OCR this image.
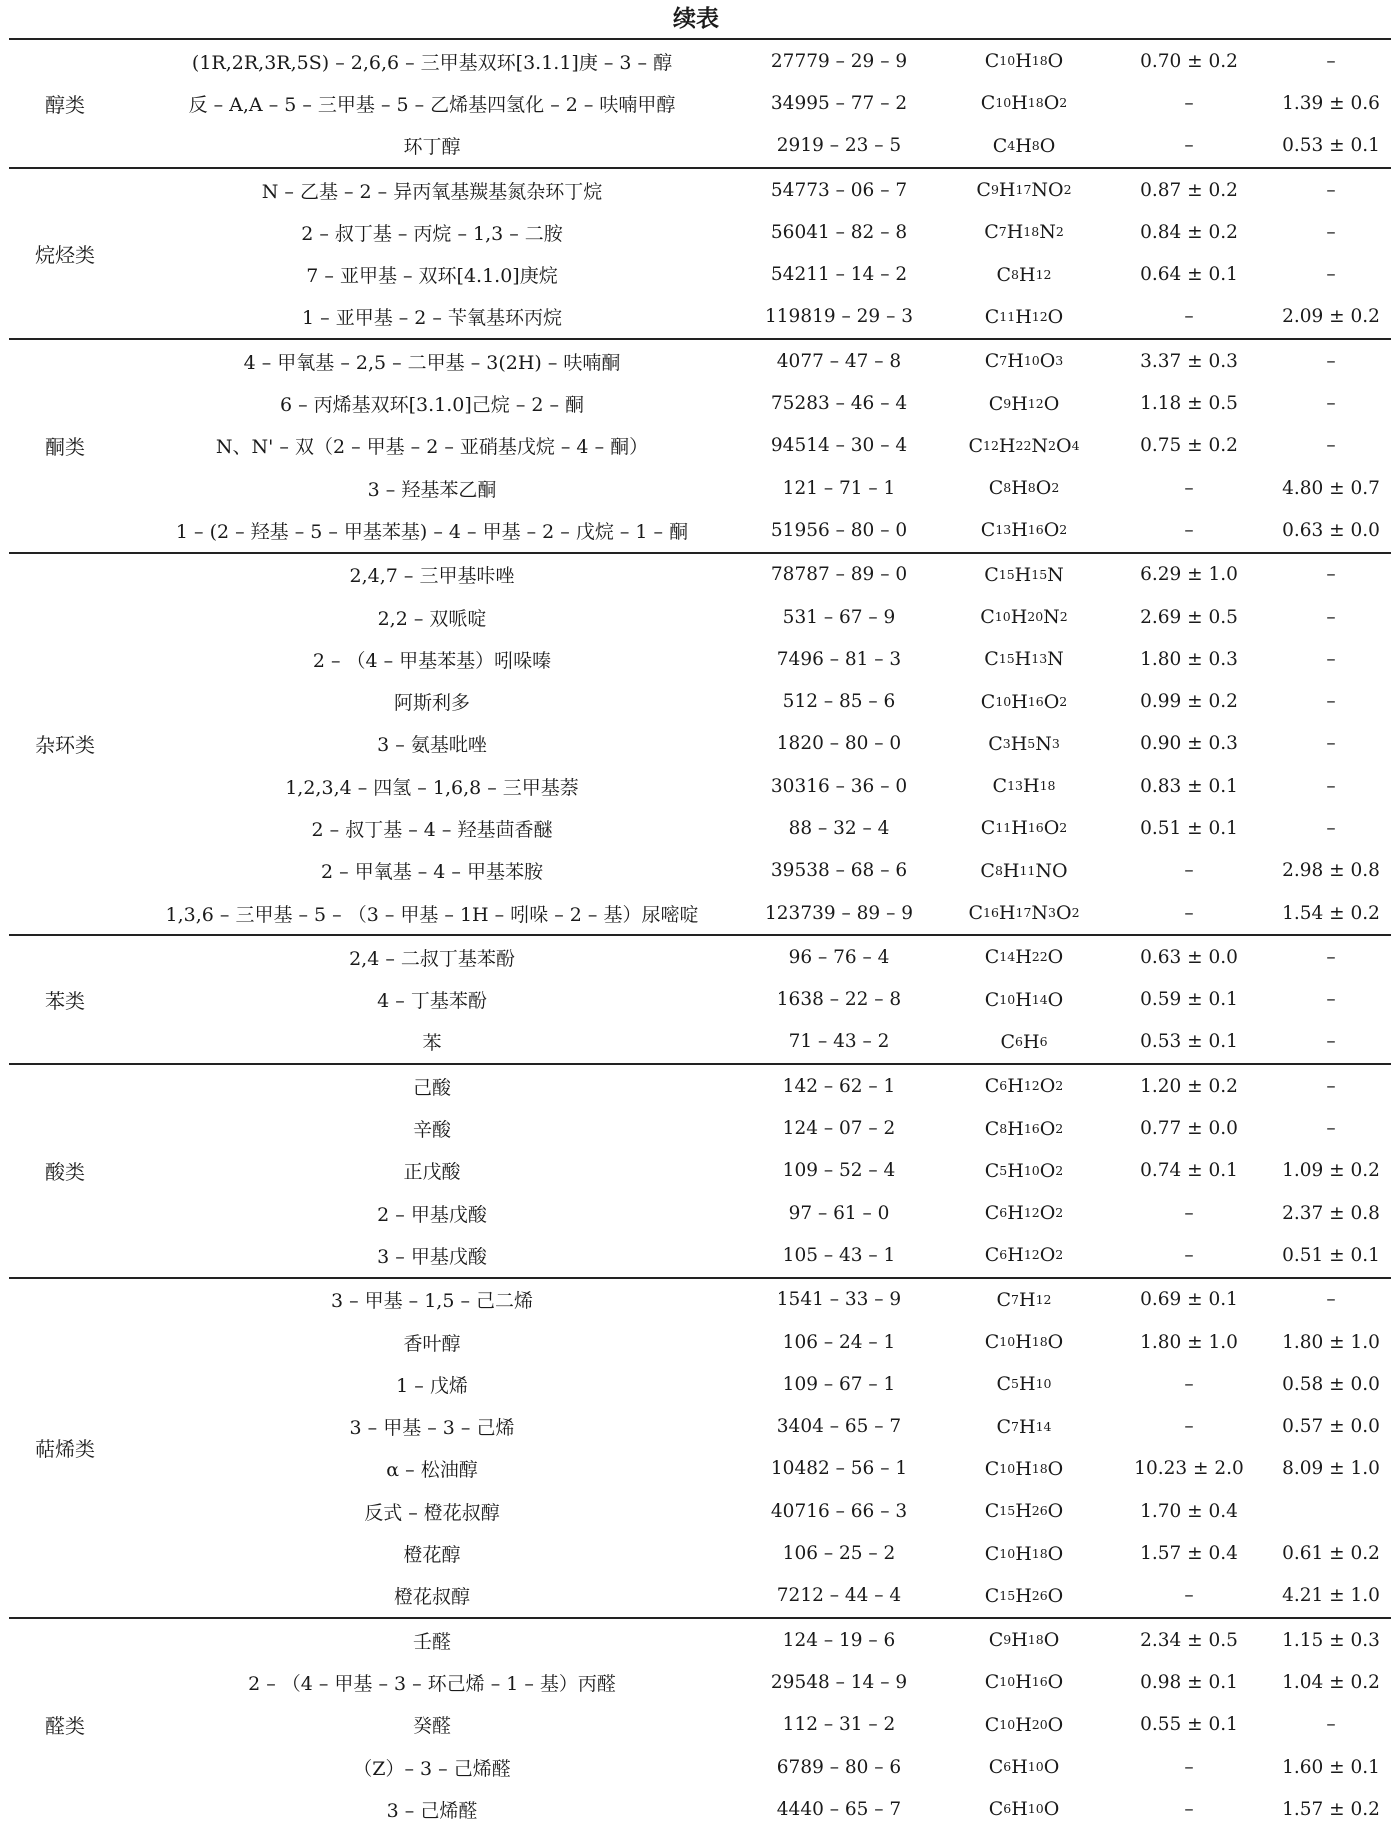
续表
醇类
(1R,2R,3R,5S) – 2,6,6 – 三甲基双环[3.1.1]庚 – 3 – 醇	27779 – 29 – 9	C 10 H 18 O	0.70 ± 0.2	–
反 – A,A – 5 – 三甲基 – 5 – 乙烯基四氢化 – 2 – 呋喃甲醇	34995 – 77 – 2	C 10 H 18 O 2	–	1.39 ± 0.6
环丁醇	2919 – 23 – 5	C 4 H 8 O	–	0.53 ± 0.1
烷烃类
N – 乙基 – 2 – 异丙氧基羰基氮杂环丁烷	54773 – 06 – 7	C 9 H 17 NO 2	0.87 ± 0.2	–
2 – 叔丁基 – 丙烷 – 1,3 – 二胺	56041 – 82 – 8	C 7 H 18 N 2	0.84 ± 0.2	–
7 – 亚甲基 – 双环[4.1.0]庚烷	54211 – 14 – 2	C 8 H 12	0.64 ± 0.1	–
1 – 亚甲基 – 2 – 苄氧基环丙烷	119819 – 29 – 3	C 11 H 12 O	–	2.09 ± 0.2
酮类
4 – 甲氧基 – 2,5 – 二甲基 – 3(2H) – 呋喃酮	4077 – 47 – 8	C 7 H 10 O 3	3.37 ± 0.3	–
6 – 丙烯基双环[3.1.0]己烷 – 2 – 酮	75283 – 46 – 4	C 9 H 12 O	1.18 ± 0.5	–
N、N' – 双（2 – 甲基 – 2 – 亚硝基戊烷 – 4 – 酮）	94514 – 30 – 4	C 12 H 22 N 2 O 4	0.75 ± 0.2	–
3 – 羟基苯乙酮	121 – 71 – 1	C 8 H 8 O 2	–	4.80 ± 0.7
1 – (2 – 羟基 – 5 – 甲基苯基) – 4 – 甲基 – 2 – 戊烷 – 1 – 酮	51956 – 80 – 0	C 13 H 16 O 2	–	0.63 ± 0.0
杂环类
2,4,7 – 三甲基咔唑	78787 – 89 – 0	C 15 H 15 N	6.29 ± 1.0	–
2,2 – 双哌啶	531 – 67 – 9	C 10 H 20 N 2	2.69 ± 0.5	–
2 – （4 – 甲基苯基）吲哚嗪	7496 – 81 – 3	C 15 H 13 N	1.80 ± 0.3	–
阿斯利多	512 – 85 – 6	C 10 H 16 O 2	0.99 ± 0.2	–
3 – 氨基吡唑	1820 – 80 – 0	C 3 H 5 N 3	0.90 ± 0.3	–
1,2,3,4 – 四氢 – 1,6,8 – 三甲基萘	30316 – 36 – 0	C 13 H 18	0.83 ± 0.1	–
2 – 叔丁基 – 4 – 羟基茴香醚	88 – 32 – 4	C 11 H 16 O 2	0.51 ± 0.1	–
2 – 甲氧基 – 4 – 甲基苯胺	39538 – 68 – 6	C 8 H 11 NO	–	2.98 ± 0.8
1,3,6 – 三甲基 – 5 – （3 – 甲基 – 1H – 吲哚 – 2 – 基）尿嘧啶	123739 – 89 – 9	C 16 H 17 N 3 O 2	–	1.54 ± 0.2
苯类
2,4 – 二叔丁基苯酚	96 – 76 – 4	C 14 H 22 O	0.63 ± 0.0	–
4 – 丁基苯酚	1638 – 22 – 8	C 10 H 14 O	0.59 ± 0.1	–
苯	71 – 43 – 2	C 6 H 6	0.53 ± 0.1	–
酸类
己酸	142 – 62 – 1	C 6 H 12 O 2	1.20 ± 0.2	–
辛酸	124 – 07 – 2	C 8 H 16 O 2	0.77 ± 0.0	–
正戊酸	109 – 52 – 4	C 5 H 10 O 2	0.74 ± 0.1	1.09 ± 0.2
2 – 甲基戊酸	97 – 61 – 0	C 6 H 12 O 2	–	2.37 ± 0.8
3 – 甲基戊酸	105 – 43 – 1	C 6 H 12 O 2	–	0.51 ± 0.1
萜烯类
3 – 甲基 – 1,5 – 己二烯	1541 – 33 – 9	C 7 H 12	0.69 ± 0.1	–
香叶醇	106 – 24 – 1	C 10 H 18 O	1.80 ± 1.0	1.80 ± 1.0
1 – 戊烯	109 – 67 – 1	C 5 H 10	–	0.58 ± 0.0
3 – 甲基 – 3 – 己烯	3404 – 65 – 7	C 7 H 14	–	0.57 ± 0.0
α – 松油醇	10482 – 56 – 1	C 10 H 18 O	10.23 ± 2.0	8.09 ± 1.0
反式 – 橙花叔醇	40716 – 66 – 3	C 15 H 26 O	1.70 ± 0.4
橙花醇	106 – 25 – 2	C 10 H 18 O	1.57 ± 0.4	0.61 ± 0.2
橙花叔醇	7212 – 44 – 4	C 15 H 26 O	–	4.21 ± 1.0
醛类
壬醛	124 – 19 – 6	C 9 H 18 O	2.34 ± 0.5	1.15 ± 0.3
2 – （4 – 甲基 – 3 – 环己烯 – 1 – 基）丙醛	29548 – 14 – 9	C 10 H 16 O	0.98 ± 0.1	1.04 ± 0.2
癸醛	112 – 31 – 2	C 10 H 20 O	0.55 ± 0.1	–
（Z）– 3 – 己烯醛	6789 – 80 – 6	C 6 H 10 O	–	1.60 ± 0.1
3 – 己烯醛	4440 – 65 – 7	C 6 H 10 O	–	1.57 ± 0.2
